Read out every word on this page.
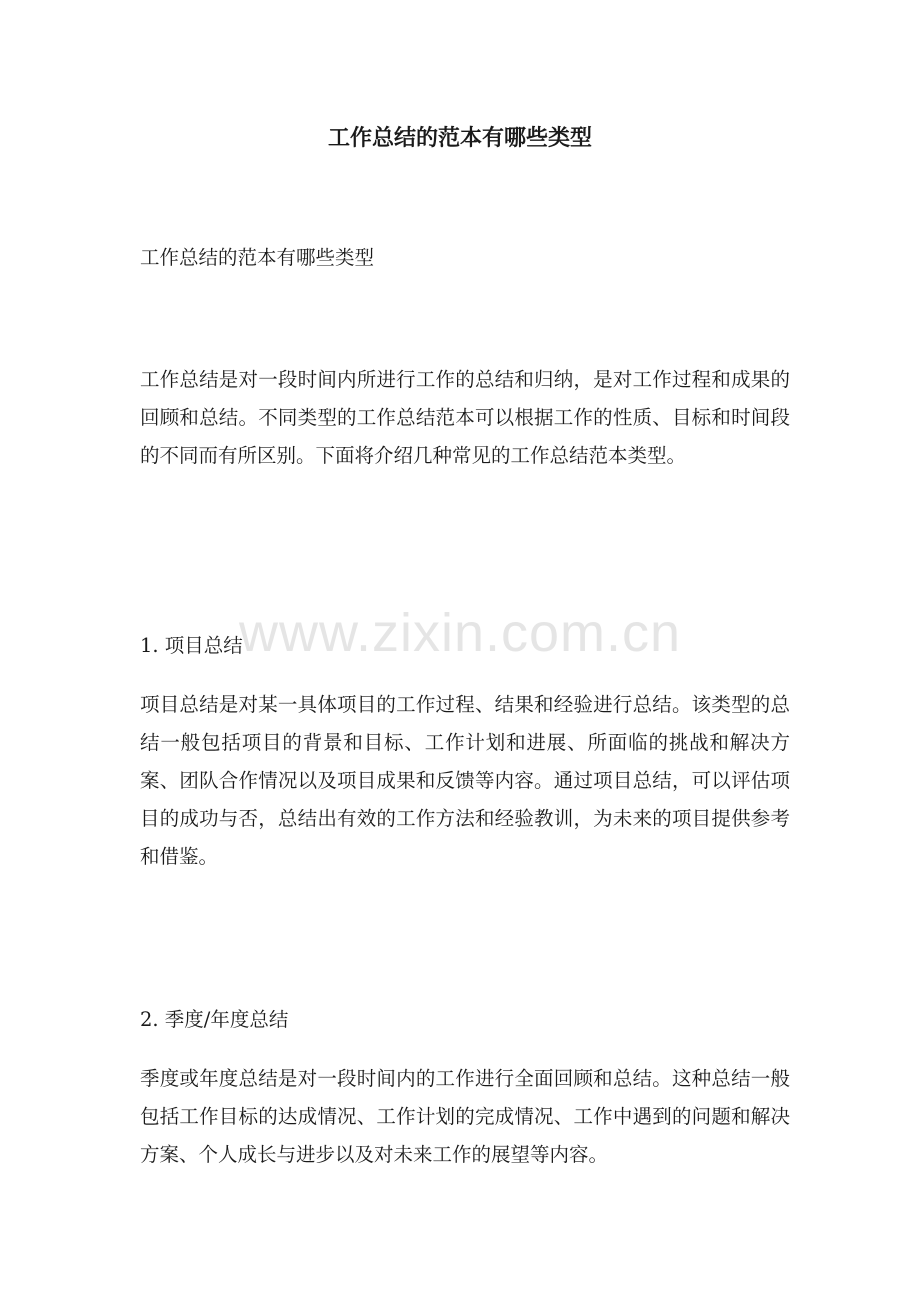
工作总结的范本有哪些类型

工作总结的范本有哪些类型

工作总结是对一段时间内所进行工作的总结和归纳，是对工作过程和成果的回顾和总结。不同类型的工作总结范本可以根据工作的性质、目标和时间段的不同而有所区别。下面将介绍几种常见的工作总结范本类型。

1. 项目总结

项目总结是对某一具体项目的工作过程、结果和经验进行总结。该类型的总结一般包括项目的背景和目标、工作计划和进展、所面临的挑战和解决方案、团队合作情况以及项目成果和反馈等内容。通过项目总结，可以评估项目的成功与否，总结出有效的工作方法和经验教训，为未来的项目提供参考和借鉴。

2. 季度/年度总结

季度或年度总结是对一段时间内的工作进行全面回顾和总结。这种总结一般包括工作目标的达成情况、工作计划的完成情况、工作中遇到的问题和解决方案、个人成长与进步以及对未来工作的展望等内容。

www.zixin.com.cn
